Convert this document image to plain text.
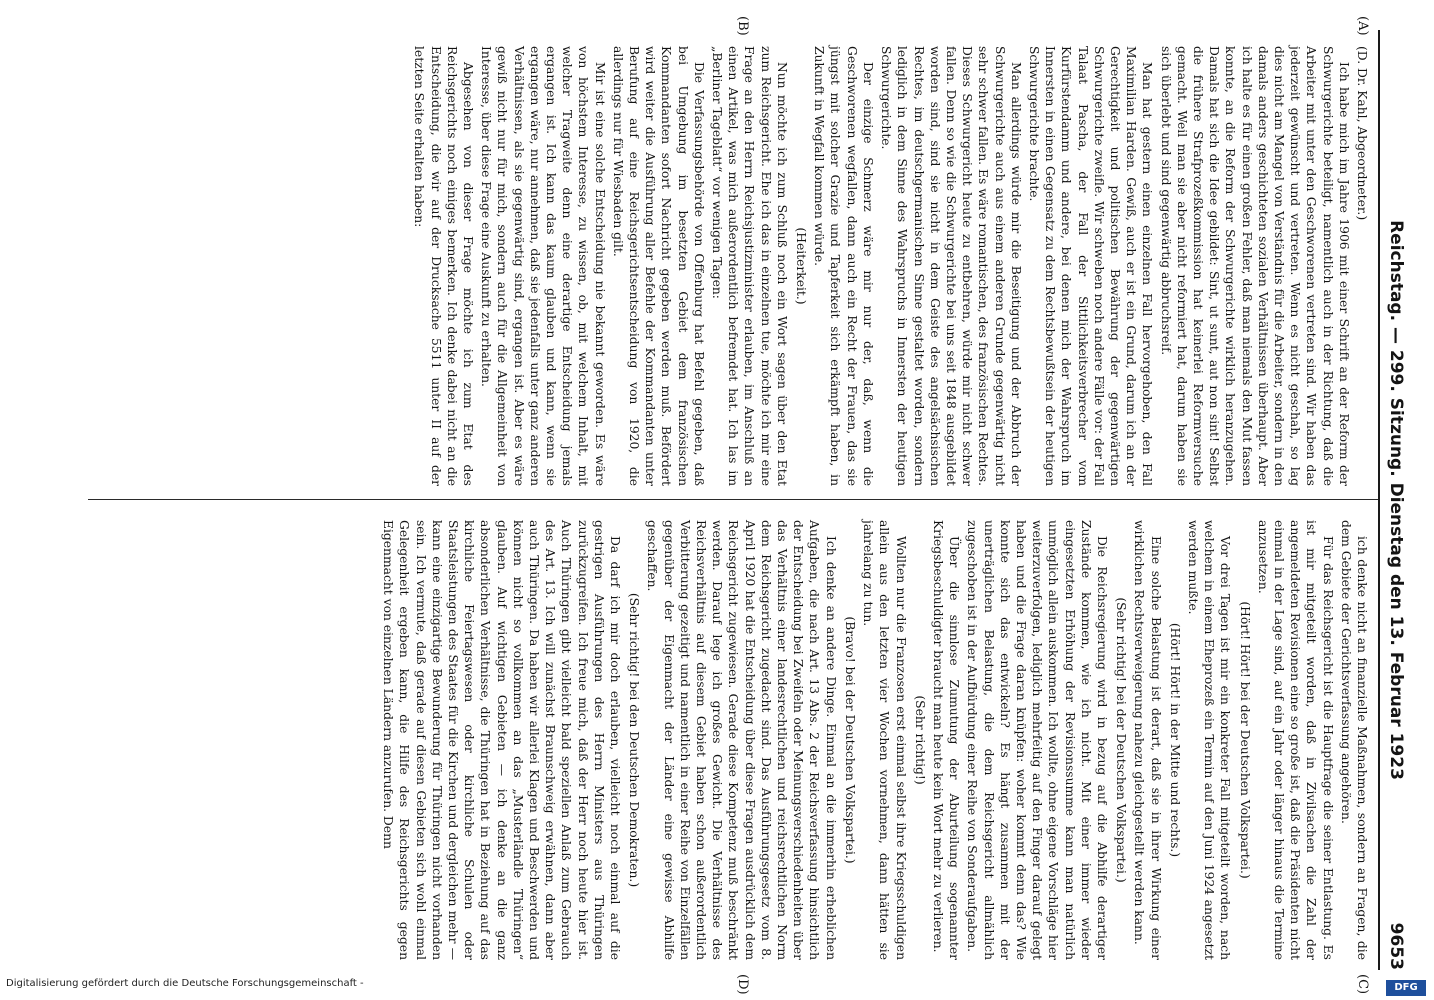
Reichstag. — 299. Sitzung. Dienstag den 13. Februar 1923
9653
(A)
(B)
(C)
(D)

(D. Dr. Kahl, Abgeordneter.)

Ich habe mich im Jahre 1906 mit einer Schrift an der Reform der Schwurgerichte beteiligt, namentlich auch in der Richtung, daß die Arbeiter mit unter den Geschworenen vertreten sind. Wir haben das jederzeit gewünscht und vertreten. Wenn es nicht geschah, so lag dies nicht am Mangel von Verständnis für die Arbeiter, sondern in den damals anders geschichteten sozialen Verhältnissen überhaupt. Aber ich halte es für einen großen Fehler, daß man niemals den Mut fassen konnte, an die Reform der Schwurgerichte wirklich heranzugehen. Damals hat sich die Idee gebildet: Sint, ut sunt, aut non sint! Selbst die frühere Strafprozeßkommission hat keinerlei Reformversuche gemacht. Weil man sie aber nicht reformiert hat, darum haben sie sich überlebt und sind gegenwärtig abbruchsreif.

Man hat gestern einen einzelnen Fall hervorgehoben, den Fall Maximilian Harden. Gewiß, auch er ist ein Grund, darum ich an der Gerechtigkeit und politischen Bewährung der gegenwärtigen Schwurgerichte zweifle. Wir schweben noch andere Fälle vor: der Fall Talaat Pascha, der Fall der Sittlichkeitsverbrecher vom Kurfürstendamm und andere, bei denen mich der Wahrspruch im Innersten in einen Gegensatz zu dem Rechtsbewußtsein der heutigen Schwurgerichte brachte.

Man allerdings würde mir die Beseitigung und der Abbruch der Schwurgerichte auch aus einem anderen Grunde gegenwärtig nicht sehr schwer fallen. Es wäre romantischen, des französischen Rechtes. Dieses Schwurgericht heute zu entbehren, würde mir nicht schwer fallen. Denn so wie die Schwurgerichte bei uns seit 1848 ausgebildet worden sind, sind sie nicht in dem Geiste des angelsächsischen Rechtes, im deutschgermanischen Sinne gestaltet worden, sondern lediglich in dem Sinne des Wahrspruchs in Innersten der heutigen Schwurgerichte.

Der einzige Schmerz wäre mir nur der, daß, wenn die Geschworenen wegfallen, dann auch ein Recht der Frauen, das sie jüngst mit solcher Grazie und Tapferkeit sich erkämpft haben, in Zukunft in Wegfall kommen würde.

(Heiterkeit.)

Nun möchte ich zum Schluß noch ein Wort sagen über den Etat zum Reichsgericht. Ehe ich das in einzelnen tue, möchte ich mir eine Frage an den Herrn Reichsjustizminister erlauben, im Anschluß an einen Artikel, was mich außerordentlich befremdet hat. Ich las im „Berliner Tageblatt“ vor wenigen Tagen:

Die Verfassungsbehörde von Offenburg hat Befehl gegeben, daß bei Umgebung im besetzten Gebiet dem französischen Kommandanten sofort Nachricht gegeben werden muß. Befördert wird weiter die Ausführung aller Befehle der Kommandanten unter Berufung auf eine Reichsgerichtsentscheidung von 1920, die allerdings nur für Wiesbaden gilt.

Mir ist eine solche Entscheidung nie bekannt geworden. Es wäre von höchstem Interesse, zu wissen, ob, mit welchem Inhalt, mit welcher Tragweite denn eine derartige Entscheidung jemals ergangen ist. Ich kann das kaum glauben und kann, wenn sie ergangen wäre, nur annehmen, daß sie jedenfalls unter ganz anderen Verhältnissen, als sie gegenwärtig sind, ergangen ist. Aber es wäre gewiß nicht nur für mich, sondern auch für die Allgemeinheit von Interesse, über diese Frage eine Auskunft zu erhalten.

Abgesehen von dieser Frage möchte ich zum Etat des Reichsgerichts noch einiges bemerken. Ich denke dabei nicht an die Entscheidung, die wir auf der Drucksache 5511 unter II auf der letzten Seite erhalten haben:

ich denke nicht an finanzielle Maßnahmen, sondern an Fragen, die dem Gebiete der Gerichtsverfassung angehören.

Für das Reichsgericht ist die Hauptfrage die seiner Entlastung. Es ist mir mitgeteilt worden, daß in Zivilsachen die Zahl der angemeldeten Revisionen eine so große ist, daß die Präsidenten nicht einmal in der Lage sind, auf ein Jahr oder länger hinaus die Termine anzusetzen.

(Hört! Hört! bei der Deutschen Volkspartei.)

Vor drei Tagen ist mir ein konkreter Fall mitgeteilt worden, nach welchem in einem Eheprozeß ein Termin auf den Juni 1924 angesetzt werden mußte.

(Hört! Hört! in der Mitte und rechts.)

Eine solche Belastung ist derart, daß sie in ihrer Wirkung einer wirklichen Rechtsverweigerung nahezu gleichgestellt werden kann.

(Sehr richtig! bei der Deutschen Volkspartei.)

Die Reichsregierung wird in bezug auf die Abhilfe derartiger Zustände kommen, wie ich nicht. Mit einer immer wieder eingesetzten Erhöhung der Revisionssumme kann man natürlich unmöglich allein auskommen. Ich wollte, ohne eigene Vorschläge hier weiterzuverfolgen, lediglich mehrfeitig auf den Finger darauf gelegt haben und die Frage daran knüpfen: woher kommt denn das? Wie konnte sich das entwickeln? Es hängt zusammen mit der unerträglichen Belastung, die dem Reichsgericht allmählich zugeschoben ist in der Aufbürdung einer Reihe von Sonderaufgaben.

Über die sinnlose Zumutung der Aburteilung sogenannter Kriegsbeschuldigter braucht man heute kein Wort mehr zu verlieren.

(Sehr richtig!)

Wollten nur die Franzosen erst einmal selbst ihre Kriegsschuldigen allein aus den letzten vier Wochen vornehmen, dann hätten sie jahrelang zu tun.

(Bravo! bei der Deutschen Volkspartei.)

Ich denke an andere Dinge. Einmal an die immerhin erheblichen Aufgaben, die nach Art. 13 Abs. 2 der Reichsverfassung hinsichtlich der Entscheidung bei Zweifeln oder Meinungsverschiedenheiten über das Verhältnis einer landesrechtlichen und reichsrechtlichen Norm dem Reichsgericht zugedacht sind. Das Ausführungsgesetz vom 8. April 1920 hat die Entscheidung über diese Fragen ausdrücklich dem Reichsgericht zugewiesen. Gerade diese Kompetenz muß beschränkt werden. Darauf lege ich großes Gewicht. Die Verhältnisse des Reichsverhältnis auf diesem Gebiet haben schon außerordentlich Verbitterung gezeitigt und namentlich in einer Reihe von Einzelfällen gegenüber der Eigenmacht der Länder eine gewisse Abhilfe geschaffen.

(Sehr richtig! bei den Deutschen Demokraten.)

Da darf ich mir doch erlauben, vielleicht noch einmal auf die gestrigen Ausführungen des Herrn Ministers aus Thüringen zurückzugreifen. Ich freue mich, daß der Herr noch heute hier ist. Auch Thüringen gibt vielleicht bald speziellen Anlaß zum Gebrauch des Art. 13. Ich will zunächst Braunschweig erwähnen, dann aber auch Thüringen. Da haben wir allerlei Klagen und Beschwerden und können nicht so vollkommen an das „Musterländle Thüringen“ glauben. Auf wichtigen Gebieten — ich denke an die ganz absonderlichen Verhältnisse, die Thüringen hat in Beziehung auf das kirchliche Feiertagswesen oder kirchliche Schulen oder Staatsleistungen des Staates für die Kirchen und dergleichen mehr — kann eine einzigartige Bewunderung für Thüringen nicht vorhanden sein. Ich vermute, daß gerade auf diesen Gebieten sich wohl einmal Gelegenheit ergeben kann, die Hilfe des Reichsgerichts gegen Eigenmacht von einzelnen Ländern anzurufen. Denn

Digitalisierung gefördert durch die Deutsche Forschungsgemeinschaft -	DFG
